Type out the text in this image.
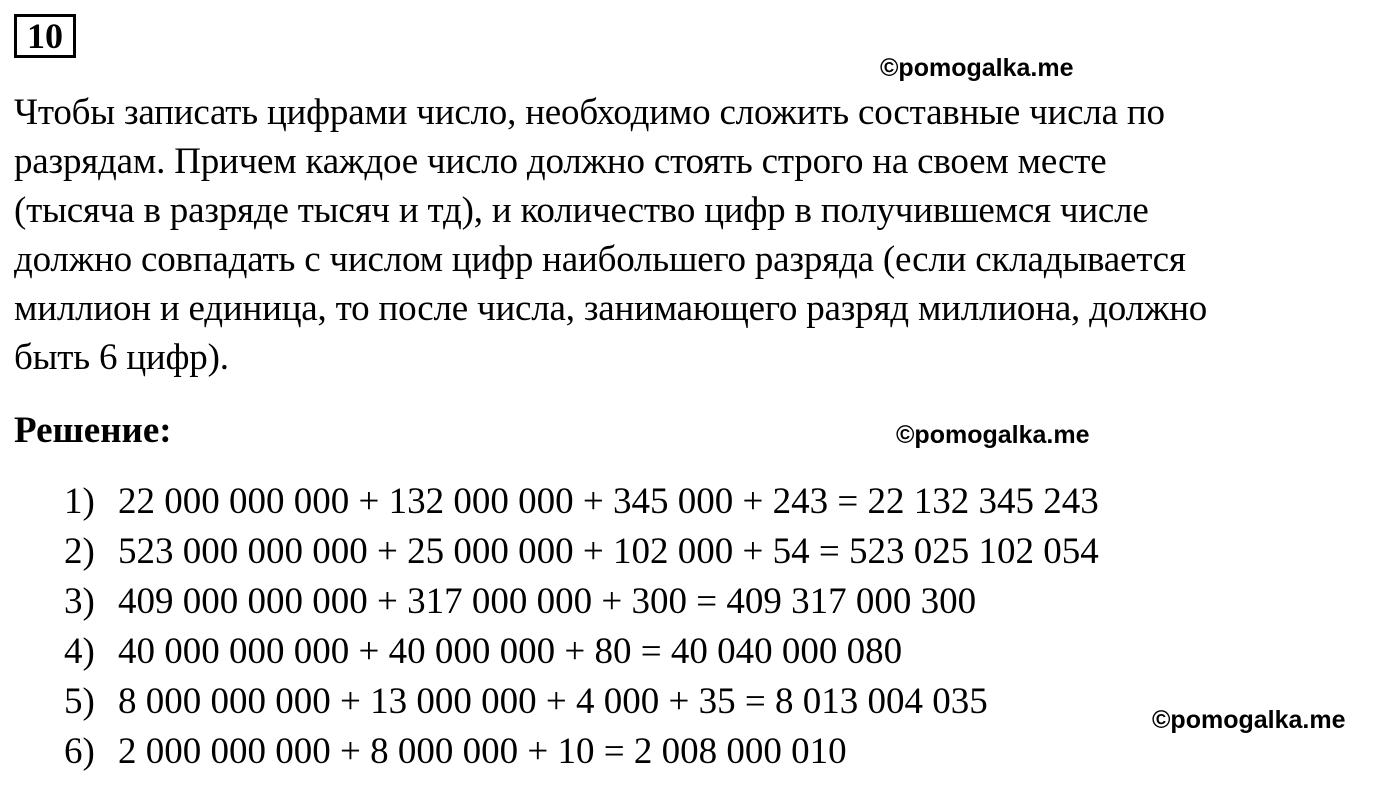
10
©pomogalka.me
Чтобы записать цифрами число, необходимо сложить составные числа по
разрядам. Причем каждое число должно стоять строго на своем месте
(тысяча в разряде тысяч и тд), и количество цифр в получившемся числе
должно совпадать с числом цифр наибольшего разряда (если складывается
миллион и единица, то после числа, занимающего разряд миллиона, должно
быть 6 цифр).
Решение:	©pomogalka.me
1) 22 000 000 000 + 132 000 000 + 345 000 + 243 = 22 132 345 243
2) 523 000 000 000 + 25 000 000 + 102 000 + 54 = 523 025 102 054
3) 409 000 000 000 + 317 000 000 + 300 = 409 317 000 300
4) 40 000 000 000 + 40 000 000 + 80 = 40 040 000 080
5) 8 000 000 000 + 13 000 000 + 4 000 + 35 = 8 013 004 035
6) 2 000 000 000 + 8 000 000 + 10 = 2 008 000 010
©pomogalka.me
